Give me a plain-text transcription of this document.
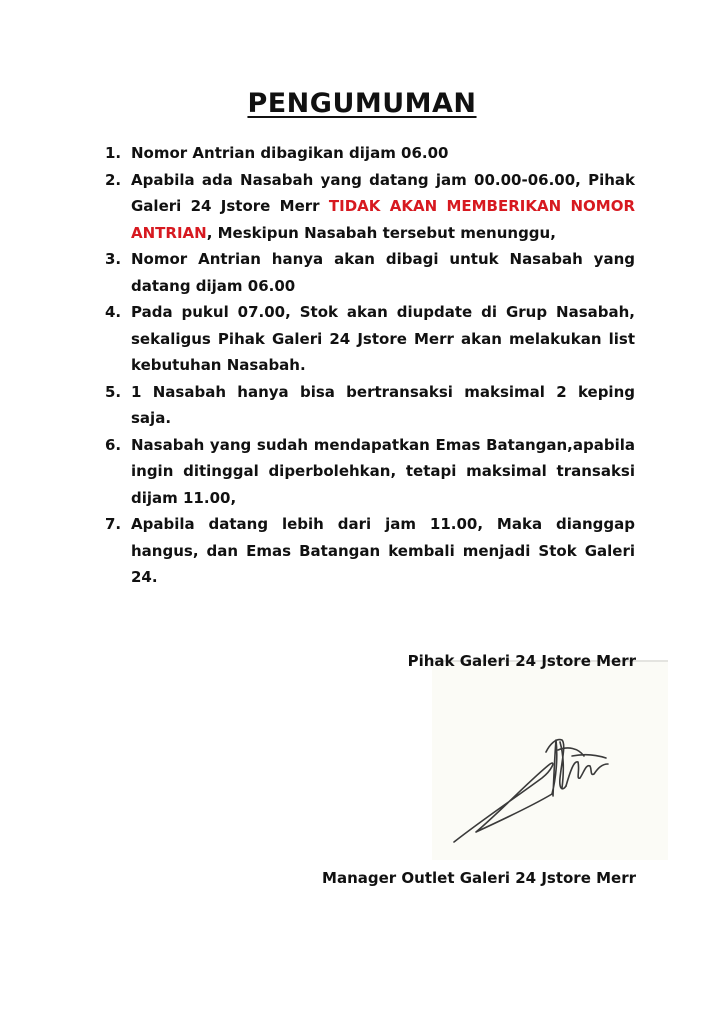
PENGUMUMAN
1. Nomor Antrian dibagikan dijam 06.00
2. Apabila ada Nasabah yang datang jam 00.00-06.00, Pihak Galeri 24 Jstore Merr TIDAK AKAN MEMBERIKAN NOMOR ANTRIAN, Meskipun Nasabah tersebut menunggu,
3. Nomor Antrian hanya akan dibagi untuk Nasabah yang datang dijam 06.00
4. Pada pukul 07.00, Stok akan diupdate di Grup Nasabah, sekaligus Pihak Galeri 24 Jstore Merr akan melakukan list kebutuhan Nasabah.
5. 1 Nasabah hanya bisa bertransaksi maksimal 2 keping saja.
6. Nasabah yang sudah mendapatkan Emas Batangan,apabila ingin ditinggal diperbolehkan, tetapi maksimal transaksi dijam 11.00,
7. Apabila datang lebih dari jam 11.00, Maka dianggap hangus, dan Emas Batangan kembali menjadi Stok Galeri 24.
Pihak Galeri 24 Jstore Merr
Manager Outlet Galeri 24 Jstore Merr
